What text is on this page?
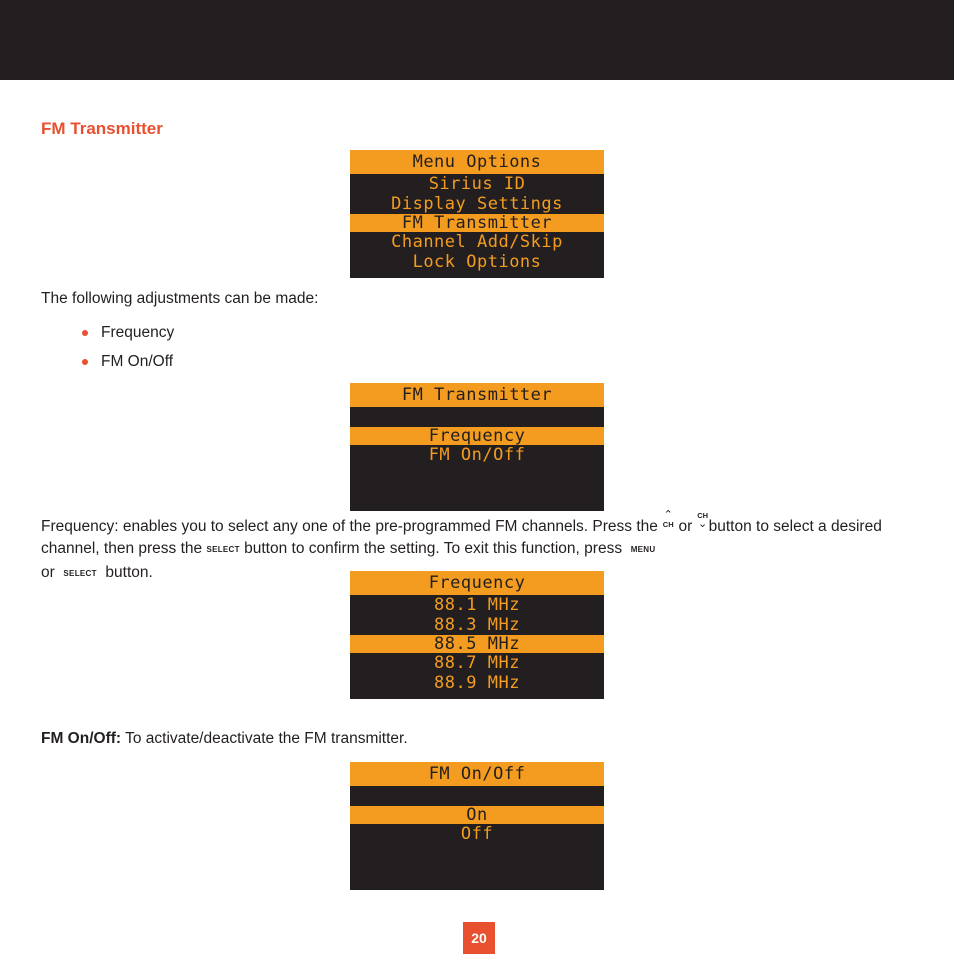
FM Transmitter
Menu Options
Sirius ID
Display Settings
FM Transmitter
Channel Add/Skip
Lock Options
The following adjustments can be made:
Frequency
FM On/Off
FM Transmitter
Frequency
FM On/Off
Frequency: enables you to select any one of the pre-programmed FM channels. Press the
⌃
CH or
CH
⌄ button to select a desired channel, then press the SELECT button to confirm the setting. To exit this function, press MENU
or SELECT button.
Frequency
88.1 MHz
88.3 MHz
88.5 MHz
88.7 MHz
88.9 MHz
FM On/Off: To activate/deactivate the FM transmitter.
FM On/Off
On
Off
20
